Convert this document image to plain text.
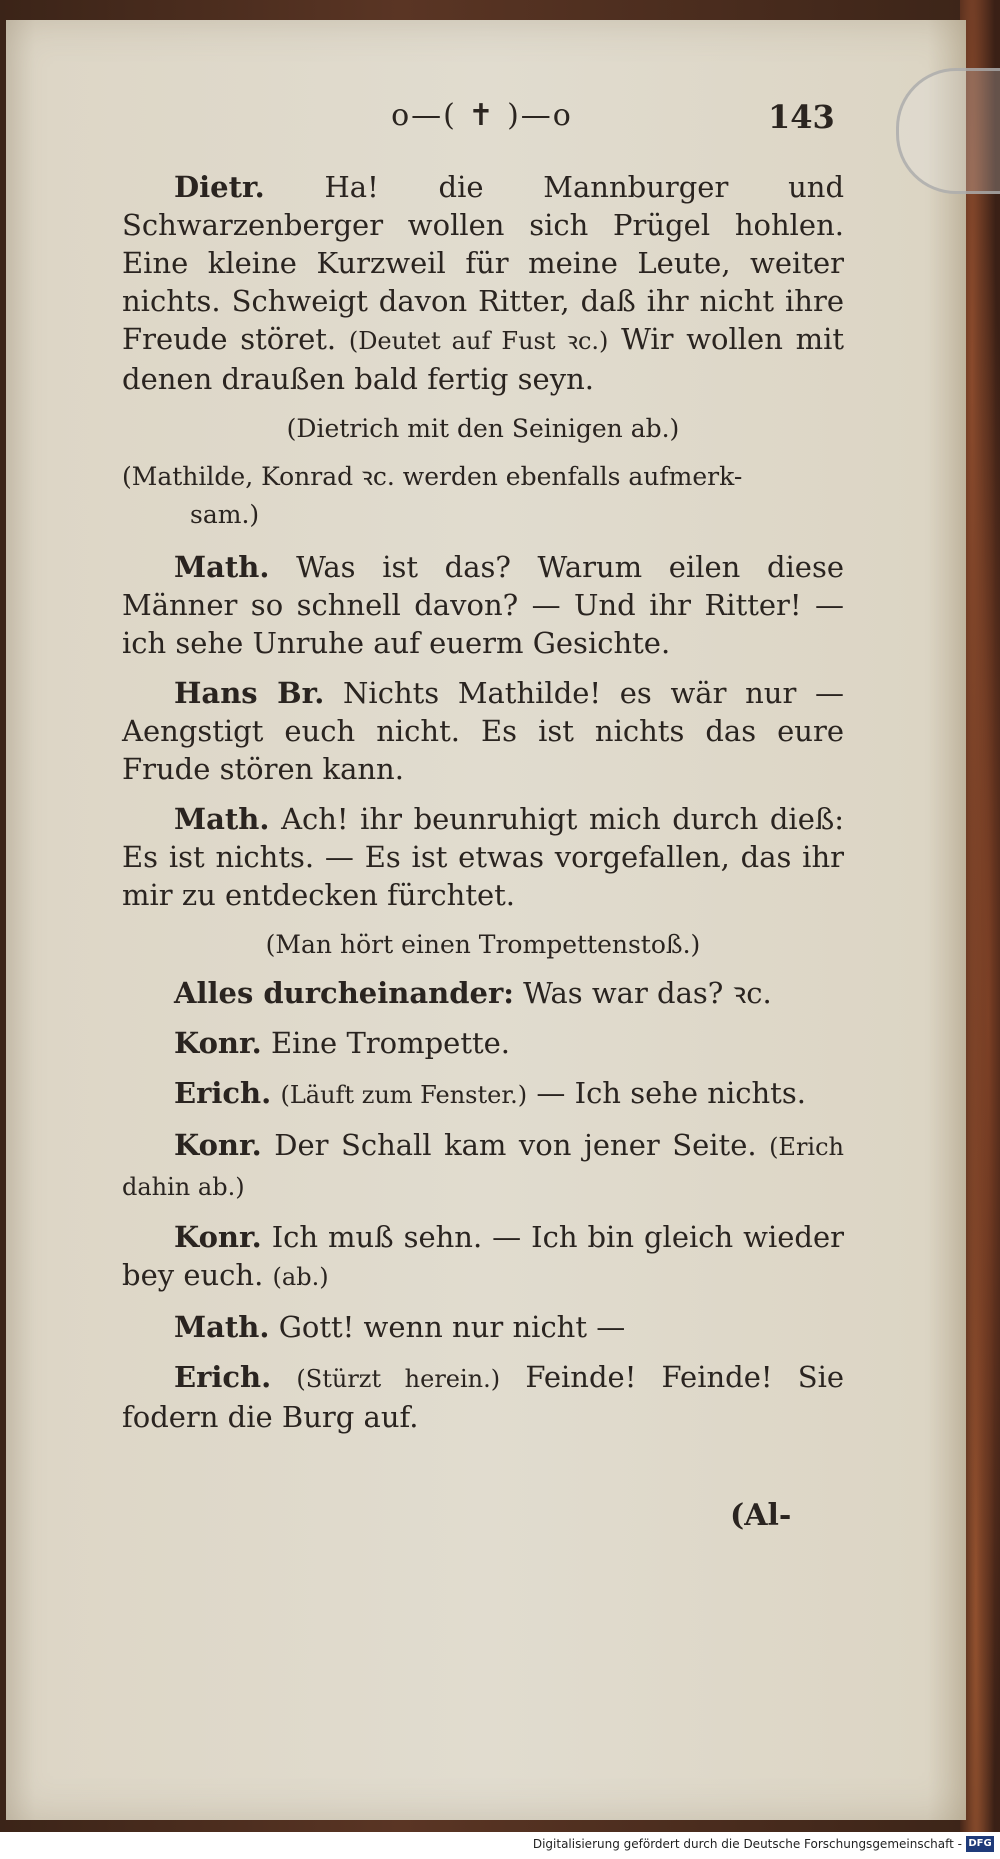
o—( ✝ )—o	143

Dietr. Ha! die Mannburger und Schwarzenberger wollen sich Prügel hohlen. Eine kleine Kurzweil für meine Leute, weiter nichts. Schweigt davon Ritter, daß ihr nicht ihre Freude störet. (Deutet auf Fust ꝛc.) Wir wollen mit denen draußen bald fertig seyn.

(Dietrich mit den Seinigen ab.)
(Mathilde, Konrad ꝛc. werden ebenfalls aufmerk-
sam.)

Math. Was ist das? Warum eilen diese Männer so schnell davon? — Und ihr Ritter! — ich sehe Unruhe auf euerm Gesichte.

Hans Br. Nichts Mathilde! es wär nur — Aengstigt euch nicht. Es ist nichts das eure Frude stören kann.

Math. Ach! ihr beunruhigt mich durch dieß: Es ist nichts. — Es ist etwas vorgefallen, das ihr mir zu entdecken fürchtet.

(Man hört einen Trompettenstoß.)

Alles durcheinander: Was war das? ꝛc.

Konr. Eine Trompette.

Erich. (Läuft zum Fenster.) — Ich sehe nichts.

Konr. Der Schall kam von jener Seite. (Erich dahin ab.)

Konr. Ich muß sehn. — Ich bin gleich wieder bey euch. (ab.)

Math. Gott! wenn nur nicht —

Erich. (Stürzt herein.) Feinde! Feinde! Sie fodern die Burg auf.

(Al-
Digitalisierung gefördert durch die Deutsche Forschungsgemeinschaft - DFG
